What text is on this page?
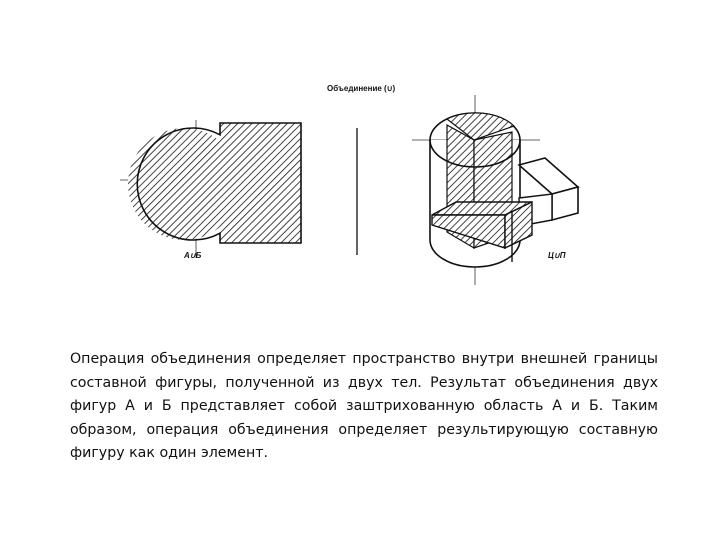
Объединение (∪)
A∪Б	Ц∪П

Операция объединения определяет пространство внутри внешней границы составной фигуры, полученной из двух тел. Результат объединения двух фигур А и Б представляет собой заштрихованную область А и Б. Таким образом, операция объединения определяет результирующую составную фигуру как один элемент.
